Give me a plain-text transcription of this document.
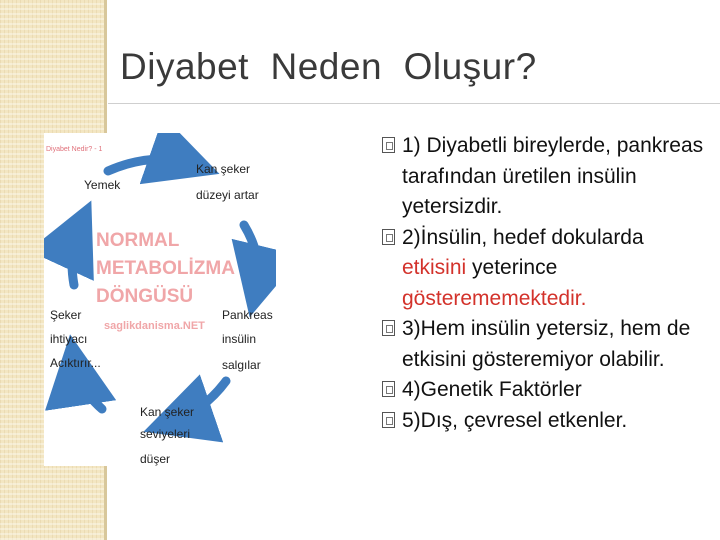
Diyabet  Neden  Oluşur?
Diyabet Nedir? - 1
Yemek
Kan şeker düzeyi artar
Pankreas insülin salgılar
Kan şeker seviyeleri düşer
Şeker ihtiyacı Acıktırır...
NORMAL METABOLİZMA DÖNGÜSÜ
saglikdanisma.NET
1) Diyabetli bireylerde, pankreas tarafından üretilen insülin yetersizdir.
2)İnsülin, hedef dokularda etkisini yeterince gösterememektedir.
3)Hem insülin yetersiz, hem de etkisini gösteremiyor olabilir.
4)Genetik Faktörler
5)Dış, çevresel etkenler.
